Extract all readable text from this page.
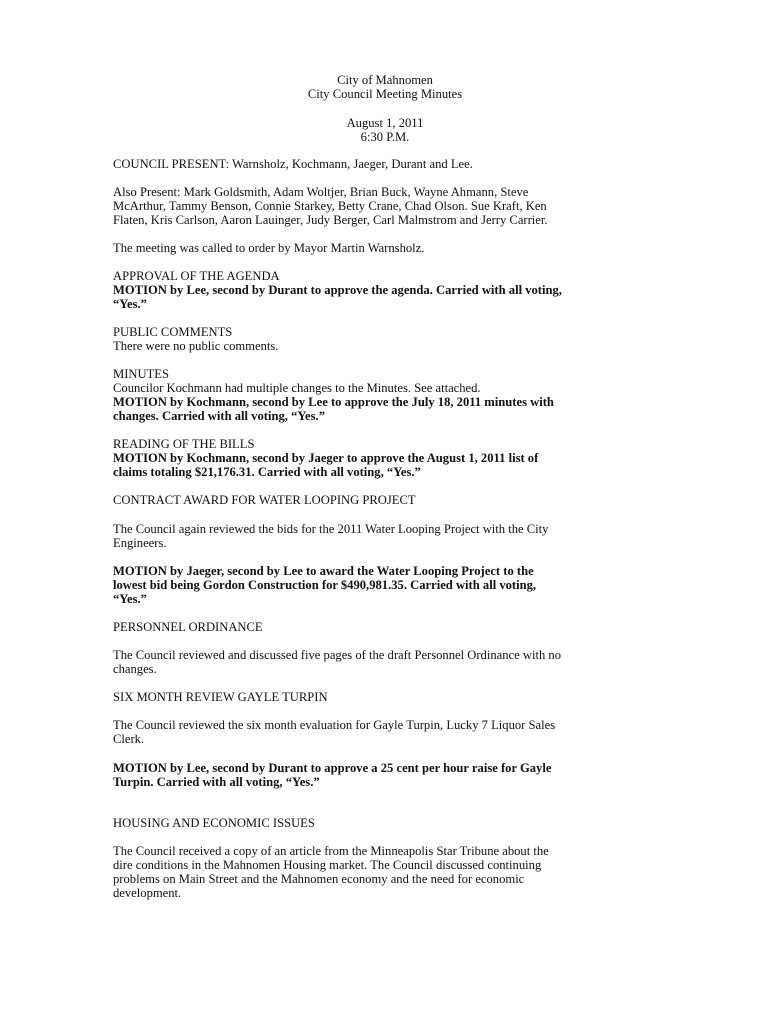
City of Mahnomen
City Council Meeting Minutes
August 1, 2011
6:30 P.M.
COUNCIL PRESENT: Warnsholz, Kochmann, Jaeger, Durant and Lee.
Also Present: Mark Goldsmith, Adam Woltjer, Brian Buck, Wayne Ahmann, Steve
McArthur, Tammy Benson, Connie Starkey, Betty Crane, Chad Olson. Sue Kraft, Ken
Flaten, Kris Carlson, Aaron Lauinger, Judy Berger, Carl Malmstrom and Jerry Carrier.
The meeting was called to order by Mayor Martin Warnsholz.
APPROVAL OF THE AGENDA
MOTION by Lee, second by Durant to approve the agenda. Carried with all voting,
“Yes.”
PUBLIC COMMENTS
There were no public comments.
MINUTES
Councilor Kochmann had multiple changes to the Minutes. See attached.
MOTION by Kochmann, second by Lee to approve the July 18, 2011 minutes with
changes. Carried with all voting, “Yes.”
READING OF THE BILLS
MOTION by Kochmann, second by Jaeger to approve the August 1, 2011 list of
claims totaling $21,176.31. Carried with all voting, “Yes.”
CONTRACT AWARD FOR WATER LOOPING PROJECT
The Council again reviewed the bids for the 2011 Water Looping Project with the City
Engineers.
MOTION by Jaeger, second by Lee to award the Water Looping Project to the
lowest bid being Gordon Construction for $490,981.35. Carried with all voting,
“Yes.”
PERSONNEL ORDINANCE
The Council reviewed and discussed five pages of the draft Personnel Ordinance with no
changes.
SIX MONTH REVIEW GAYLE TURPIN
The Council reviewed the six month evaluation for Gayle Turpin, Lucky 7 Liquor Sales
Clerk.
MOTION by Lee, second by Durant to approve a 25 cent per hour raise for Gayle
Turpin. Carried with all voting, “Yes.”
HOUSING AND ECONOMIC ISSUES
The Council received a copy of an article from the Minneapolis Star Tribune about the
dire conditions in the Mahnomen Housing market. The Council discussed continuing
problems on Main Street and the Mahnomen economy and the need for economic
development.
